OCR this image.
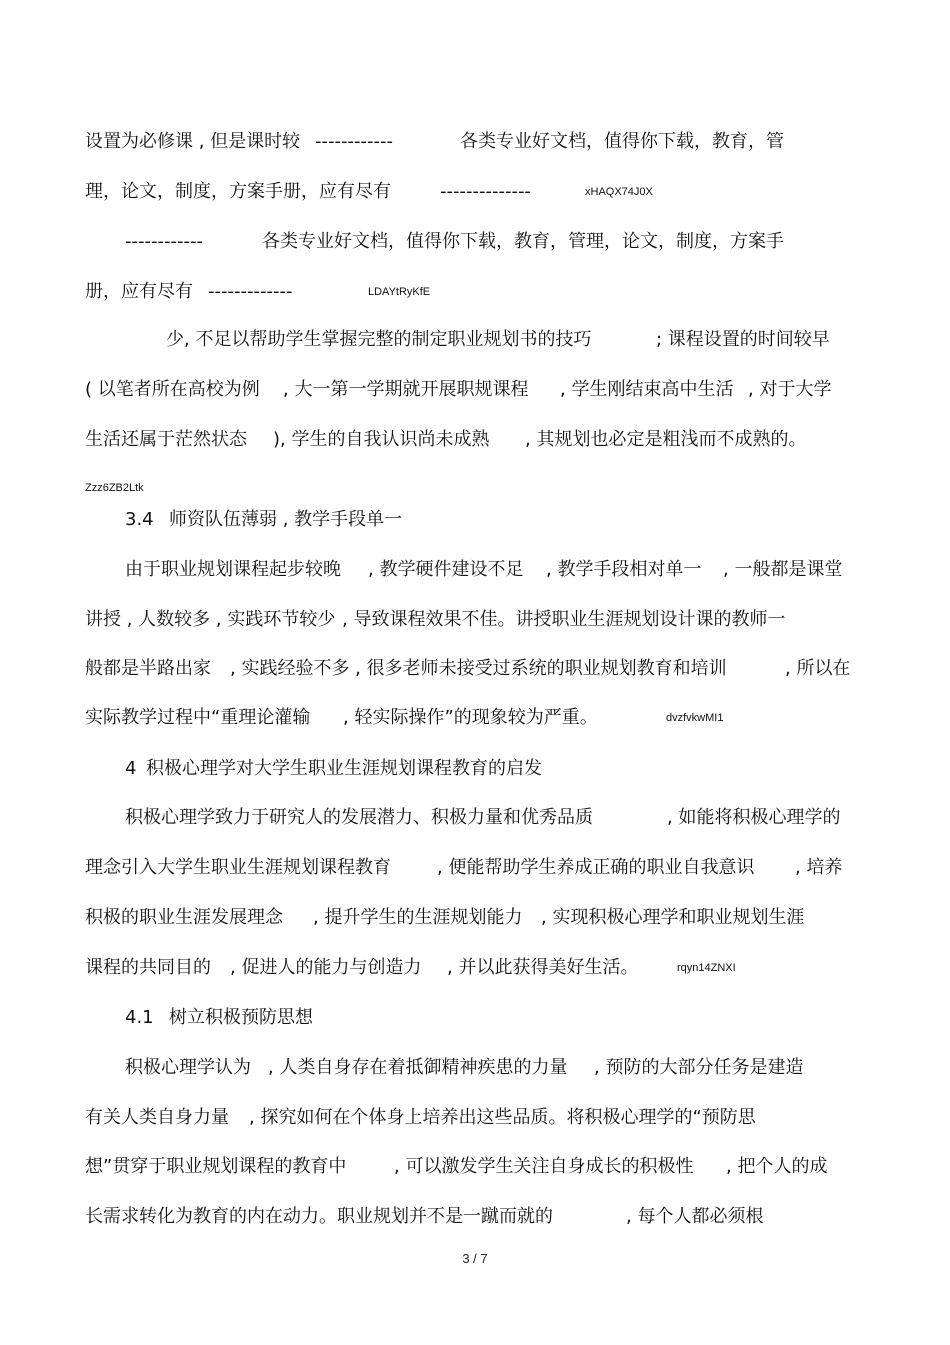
设置为必修课 , 但是课时较 ------------	各类专业好文档，值得你下载，教育，管
理，论文，制度，方案手册，应有尽有	--------------	xHAQX74J0X
------------	各类专业好文档，值得你下载，教育，管理，论文，制度，方案手
册，应有尽有 -------------	LDAYtRyKfE
少, 不足以帮助学生掌握完整的制定职业规划书的技巧	; 课程设置的时间较早
( 以笔者所在高校为例 , 大一第一学期就开展职规课程 , 学生刚结束高中生活 , 对于大学
生活还属于茫然状态 ), 学生的自我认识尚未成熟 , 其规划也必定是粗浅而不成熟的。
Zzz6ZB2Ltk
3.4 师资队伍薄弱 , 教学手段单一
由于职业规划课程起步较晚 , 教学硬件建设不足 , 教学手段相对单一 , 一般都是课堂
讲授 , 人数较多 , 实践环节较少 , 导致课程效果不佳。讲授职业生涯规划设计课的教师一
般都是半路出家 , 实践经验不多 , 很多老师未接受过系统的职业规划教育和培训	, 所以在
实际教学过程中“重理论灌输 , 轻实际操作”的现象较为严重。	dvzfvkwMI1
4 积极心理学对大学生职业生涯规划课程教育的启发
积极心理学致力于研究人的发展潜力、积极力量和优秀品质	, 如能将积极心理学的
理念引入大学生职业生涯规划课程教育	, 便能帮助学生养成正确的职业自我意识 , 培养
积极的职业生涯发展理念 , 提升学生的生涯规划能力 , 实现积极心理学和职业规划生涯
课程的共同目的 , 促进人的能力与创造力 , 并以此获得美好生活。	rqyn14ZNXI
4.1 树立积极预防思想
积极心理学认为 , 人类自身存在着抵御精神疾患的力量 , 预防的大部分任务是建造
有关人类自身力量 , 探究如何在个体身上培养出这些品质。将积极心理学的“预防思
想”贯穿于职业规划课程的教育中	, 可以激发学生关注自身成长的积极性 , 把个人的成
长需求转化为教育的内在动力。职业规划并不是一蹴而就的	, 每个人都必须根
3 / 7
